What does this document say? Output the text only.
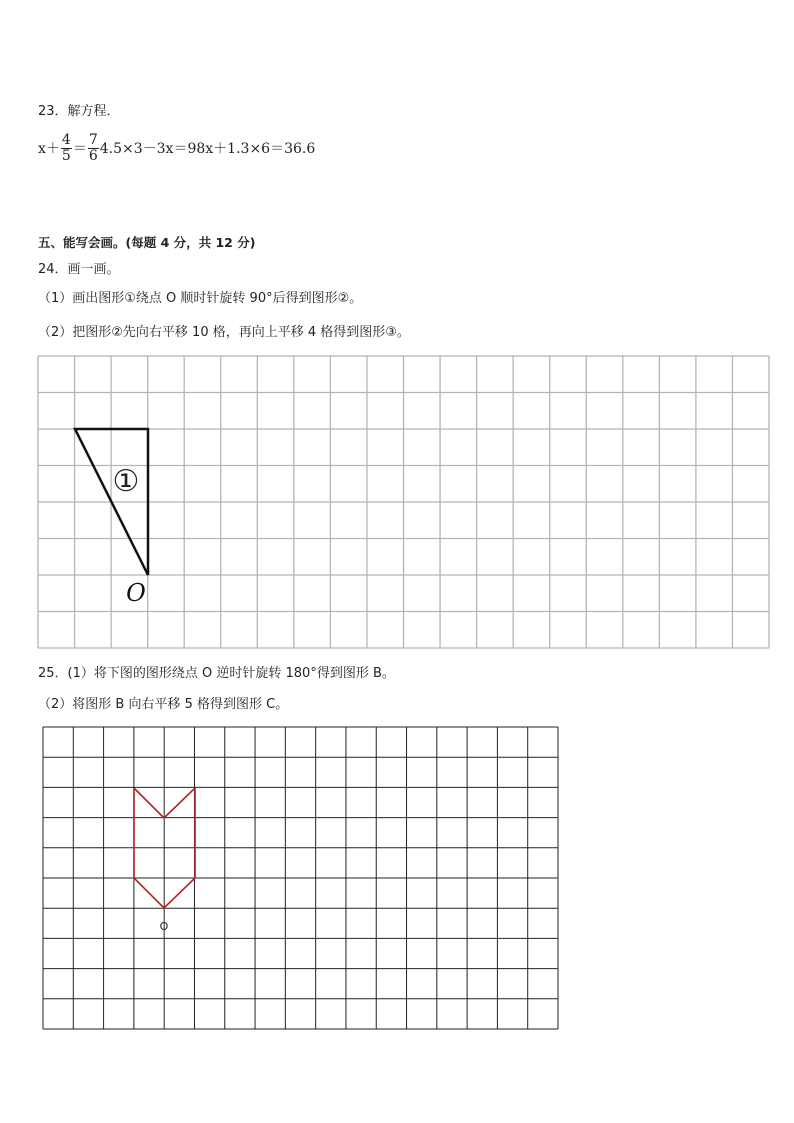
23．解方程．
$x+ \frac{4}{5} = \frac{7}{6} 4.5\times 3-3x=9$ 8x＋1.3×6＝36.6
五、能写会画。(每题 4 分，共 12 分)
24．画一画。
（1）画出图形①绕点 O 顺时针旋转 90°后得到图形②。
（2）把图形②先向右平移 10 格，再向上平移 4 格得到图形③。
①
O
O
25．(1）将下图的图形绕点 O 逆时针旋转 180°得到图形 B。
（2）将图形 B 向右平移 5 格得到图形 C。
